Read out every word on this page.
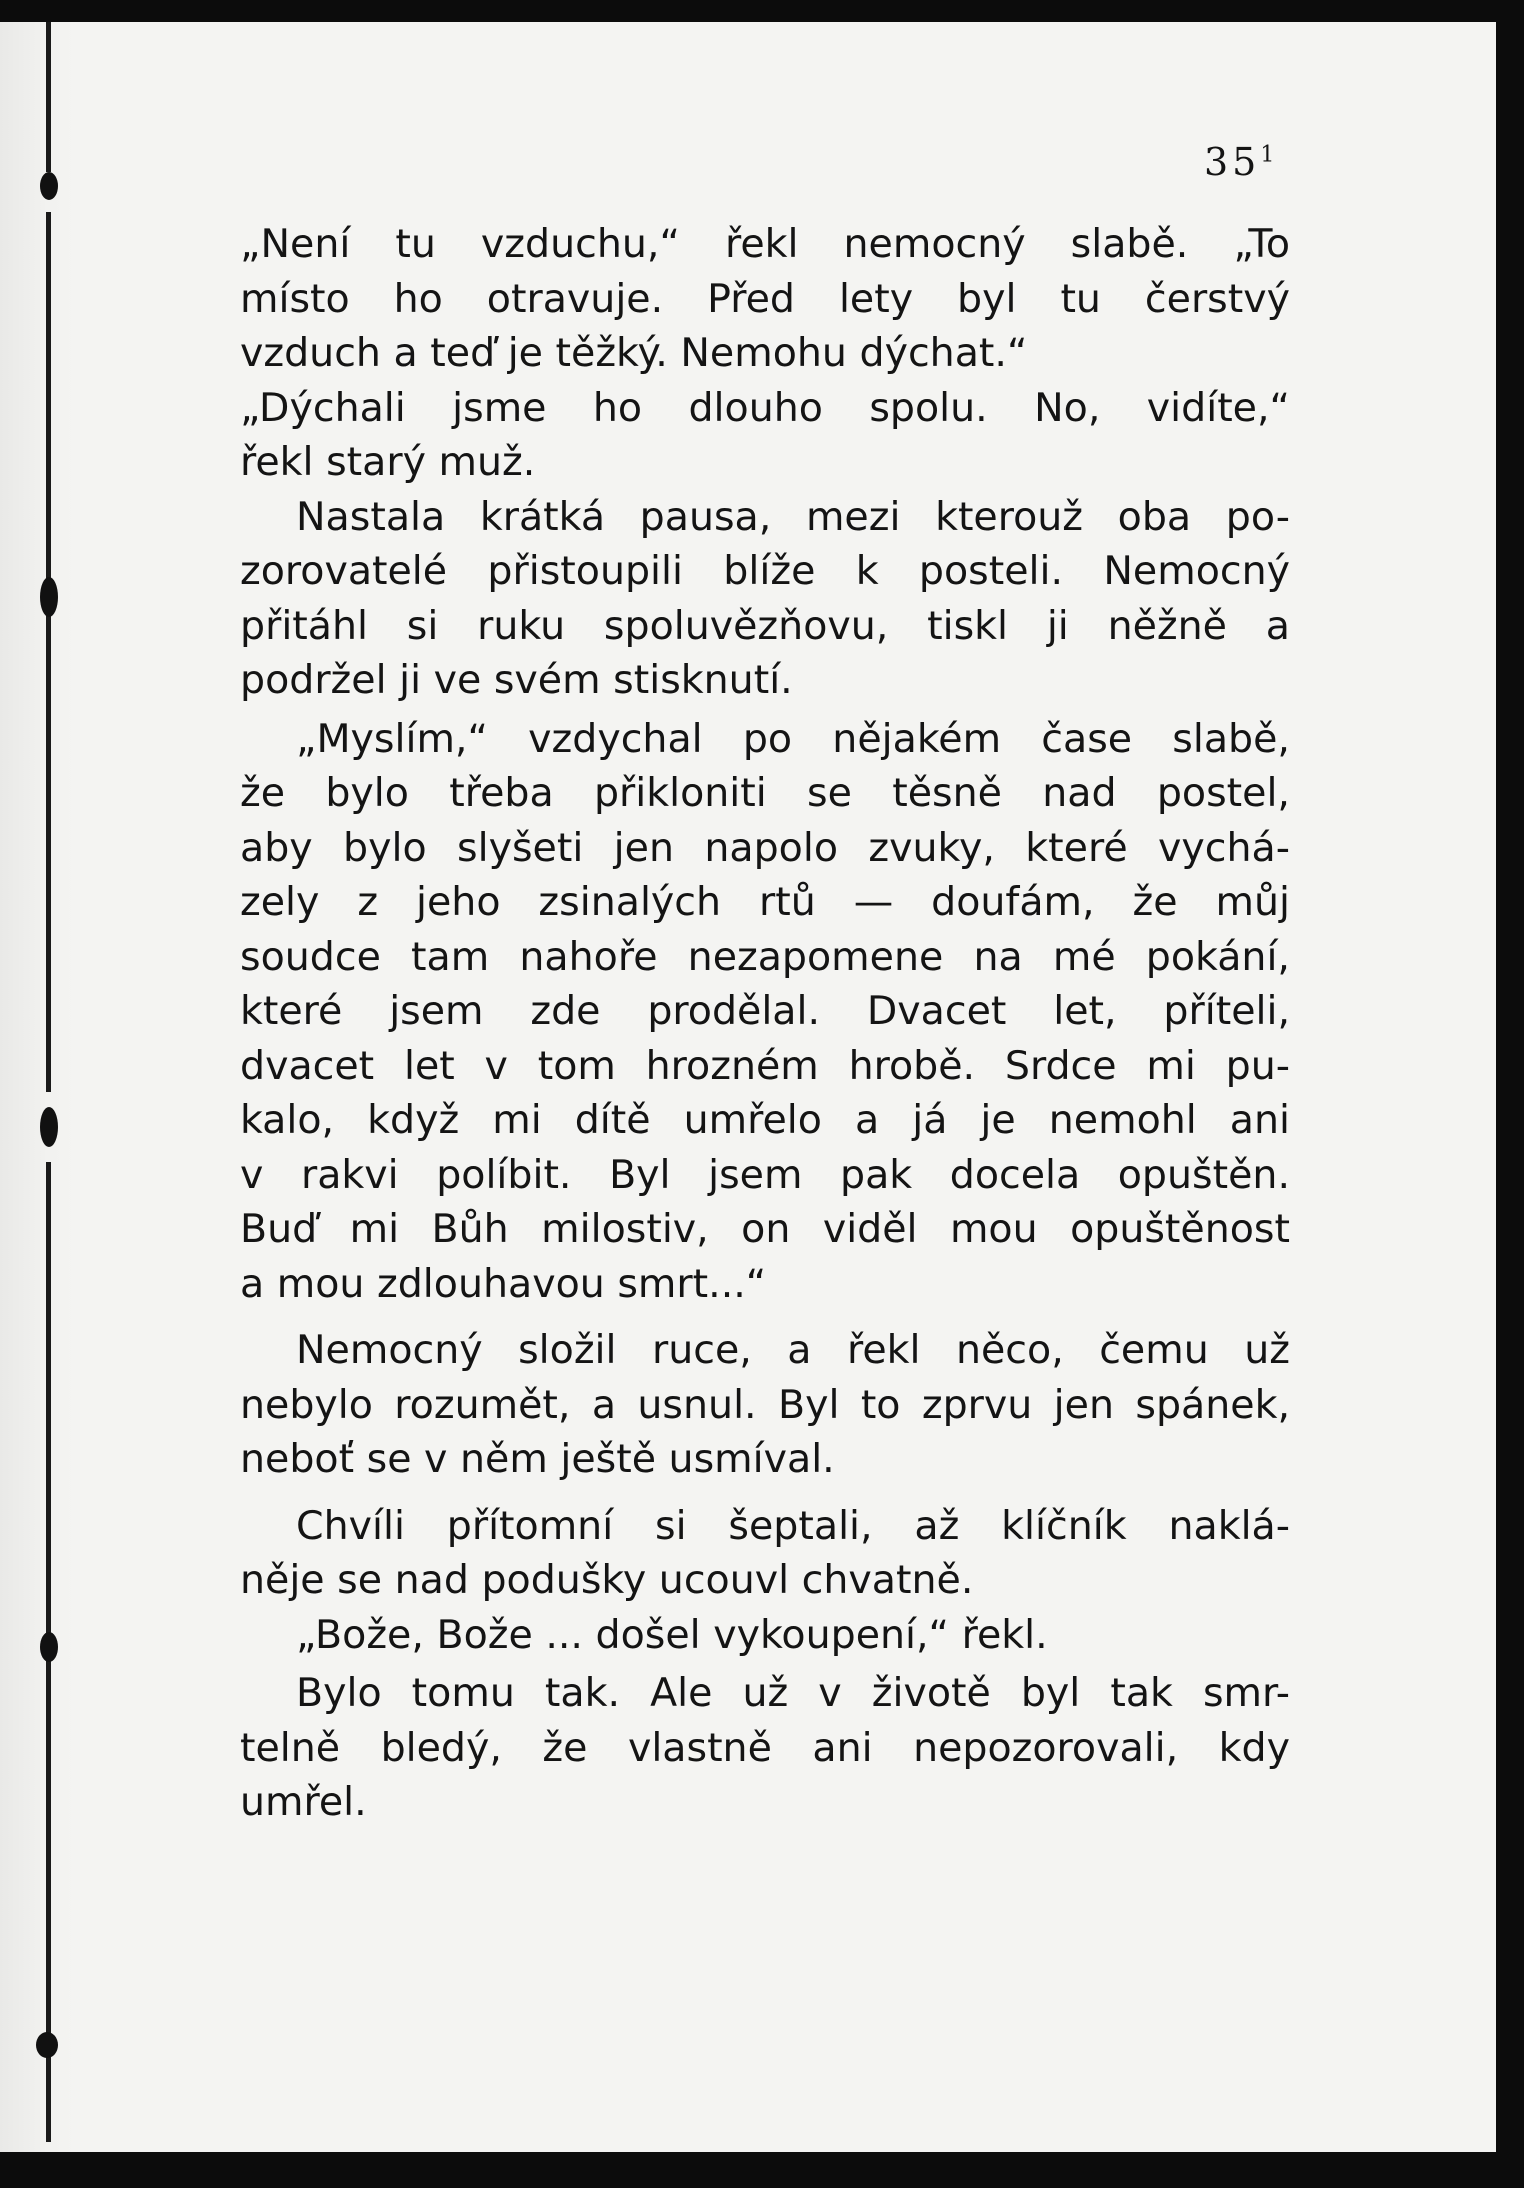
$35^1$
„Není tu vzduchu,“ řekl nemocný slabě. „To
místo ho otravuje. Před lety byl tu čerstvý
vzduch a teď je těžký. Nemohu dýchat.“
„Dýchali jsme ho dlouho spolu. No, vidíte,“
řekl starý muž.
Nastala krátká pausa, mezi kterouž oba po-
zorovatelé přistoupili blíže k posteli. Nemocný
přitáhl si ruku spoluvězňovu, tiskl ji něžně a
podržel ji ve svém stisknutí.
„Myslím,“ vzdychal po nějakém čase slabě,
že bylo třeba přikloniti se těsně nad postel,
aby bylo slyšeti jen napolo zvuky, které vychá-
zely z jeho zsinalých rtů — doufám, že můj
soudce tam nahoře nezapomene na mé pokání,
které jsem zde prodělal. Dvacet let, příteli,
dvacet let v tom hrozném hrobě. Srdce mi pu-
kalo, když mi dítě umřelo a já je nemohl ani
v rakvi políbit. Byl jsem pak docela opuštěn.
Buď mi Bůh milostiv, on viděl mou opuštěnost
a mou zdlouhavou smrt...“
Nemocný složil ruce, a řekl něco, čemu už
nebylo rozumět, a usnul. Byl to zprvu jen spánek,
neboť se v něm ještě usmíval.
Chvíli přítomní si šeptali, až klíčník naklá-
něje se nad podušky ucouvl chvatně.
„Bože, Bože ... došel vykoupení,“ řekl.
Bylo tomu tak. Ale už v životě byl tak smr-
telně bledý, že vlastně ani nepozorovali, kdy
umřel.
